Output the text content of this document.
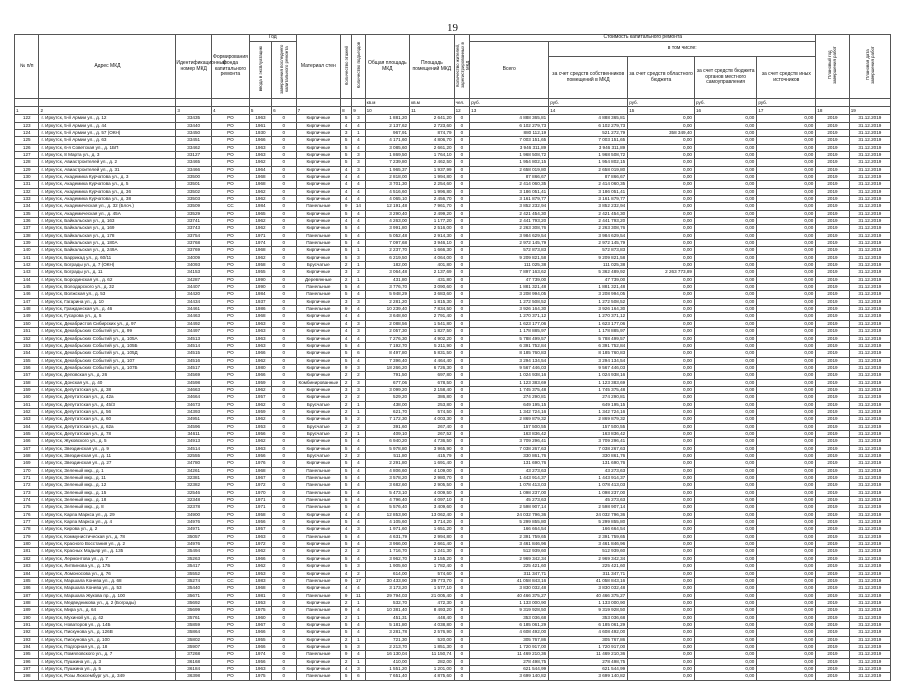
19
№ п/п	Адрес МКД	Идентификационный номер МКД	Формирования фонда капитального ремонта	Год		Материал стен	Количество этажей	Количество подъездов	Общая площадь МКД	Площадь помещений МКД	Количество жителей, зарегистрированных в МКД	Стоимость капитального ремонта					Плановый год завершения работ	Плановая дата завершения работ
				ввода в эксплуатацию	завершения последнего капитального ремонта							Всего	в том числе:					
													за счет средств собственников помещений в МКД	за счет средств областного бюджета	за счет средств бюджета органов местного самоуправления	за счет средств иных источников		
									кв.м	кв.м	чел.	руб.	руб.	руб.	руб.	руб.		
1	2	3	4	5	6	7	8	9	10	11	12	13	14	15	16	17	18	19
122	г. Иркутск, 5-й Армии ул., д. 12	33435	РО	1963	0	Кирпичные	5	3	1 881,20	2 641,20	0	4 888 365,81	4 888 365,81	0,00	0,00	0,00	2019	31.12.2019
123	г. Иркутск, 5-й Армии ул., д. 44	33440	РО	1961	0	Кирпичные	4	4	2 137,62	2 723,60	0	6 102 279,73	6 102 279,73	0,00	0,00	0,00	2019	31.12.2019
124	г. Иркутск, 5-й Армии ул., д. 57 (ОКН)	33450	РО	1930	0	Кирпичные	3	1	967,91	874,79	0	880 112,19	521 272,79	358 349,40	0,00	0,00	2019	31.12.2019
125	г. Иркутск, 5-й Армии ул., д. 63	33451	РО	1966	0	Кирпичные	5	4	4 171,60	4 806,70	0	7 003 151,65	7 003 151,65	0,00	0,00	0,00	2019	31.12.2019
126	г. Иркутск, 6-я Советская ул., д. 1БП	33462	РО	1963	0	Кирпичные	5	4	3 085,60	2 661,20	0	3 946 311,89	3 946 311,89	0,00	0,00	0,00	2019	31.12.2019
127	г. Иркутск, 8 Марта ул., д. 3	33127	РО	1963	0	Кирпичные	5	3	1 869,50	1 764,10	0	1 968 508,72	1 968 508,72	0,00	0,00	0,00	2019	31.12.2019
128	г. Иркутск, Авиастроителей ул., д. 2	33465	РО	1962	0	Кирпичные	5	3	7 239,80	2 462,50	0	1 954 802,15	1 954 802,15	0,00	0,00	0,00	2019	31.12.2019
129	г. Иркутск, Авиастроителей ул., д. 31	33466	РО	1964	0	Кирпичные	4	3	1 965,37	1 937,99	0	2 658 019,80	2 658 019,80	0,00	0,00	0,00	2019	31.12.2019
130	г. Иркутск, Академика Курчатова ул., д. 3	33500	РО	1968	0	Кирпичные	4	4	2 818,00	1 994,80	0	87 866,67	87 866,67	0,00	0,00	0,00	2019	31.12.2019
131	г. Иркутск, Академика Курчатова ул., д. 5	33501	РО	1968	0	Кирпичные	4	4	3 701,30	2 254,60	0	2 414 060,35	2 414 060,35	0,00	0,00	0,00	2019	31.12.2019
132	г. Иркутск, Академика Курчатова ул., д. 36	33502	РО	1962	0	Кирпичные	4	4	4 516,60	1 996,80	0	3 186 051,41	3 186 051,41	0,00	0,00	0,00	2019	31.12.2019
133	г. Иркутск, Академика Курчатова ул., д. 38	33503	РО	1962	0	Кирпичные	4	4	4 065,10	2 456,70	0	3 161 879,77	3 161 879,77	0,00	0,00	0,00	2019	31.12.2019
134	г. Иркутск, Академическая ул., д. 32 (Блоч.)	33509	СС	1984	0	Панельные	9	14	12 191,48	7 961,70	0	3 852 232,94	3 852 232,94	0,00	0,00	0,00	2019	31.12.2019
135	г. Иркутск, Академическая ул., д. 45А	33529	РО	1965	0	Кирпичные	5	4	3 290,40	2 499,20	0	2 421 454,30	2 421 454,30	0,00	0,00	0,00	2019	31.12.2019
136	г. Иркутск, Байкальская ул., д. 163	33741	РО	1962	0	Кирпичные	4	4	4 263,00	1 177,20	0	2 441 793,20	2 441 793,20	0,00	0,00	0,00	2019	31.12.2019
137	г. Иркутск, Байкальская ул., д. 169	33743	РО	1962	0	Кирпичные	5	4	3 991,80	2 516,00	0	2 263 308,76	2 263 308,76	0,00	0,00	0,00	2019	31.12.2019
138	г. Иркутск, Байкальская ул., д. 178	33754	РО	1971	0	Панельные	5	4	5 052,48	2 914,30	0	3 984 629,54	3 984 629,54	0,00	0,00	0,00	2019	31.12.2019
139	г. Иркутск, Байкальская ул., д. 180А	33768	РО	1974	0	Панельные	5	4	7 097,68	3 946,10	0	2 972 145,79	2 972 145,79	0,00	0,00	0,00	2019	31.12.2019
140	г. Иркутск, Байкальская ул., д. 249А	33769	РО	1968	0	Кирпичные	5	1	2 237,70	1 666,30	0	572 873,83	572 873,83	0,00	0,00	0,00	2019	31.12.2019
141	г. Иркутск, Баррикад ул., д. 60/11	34009	РО	1962	0	Кирпичные	5	3	6 219,50	4 064,00	0	9 209 821,58	9 209 821,58	0,00	0,00	0,00	2019	31.12.2019
142	г. Иркутск, Бограды ул., д. 7 (ОКН)	34093	РО	1958	0	Брусчатые	2	1	182,00	401,80	0	111 025,38	111 025,38	0,00	0,00	0,00	2019	31.12.2019
143	г. Иркутск, Бограды ул., д. 11	34153	РО	1955	0	Кирпичные	3	2	3 064,48	2 137,69	0	7 897 163,62	5 362 489,92	2 263 773,89	0,00	0,00	2019	31.12.2019
144	г. Иркутск, Бородинская ул., д. 62	34287	РО	1990	0	Деревянные	2	1	431,80	431,80	0	47 739,00	47 739,00	0,00	0,00	0,00	2019	31.12.2019
145	г. Иркутск, Володарского ул., д. 32	34407	РО	1990	0	Панельные	5	4	3 776,70	3 090,60	0	1 881 321,48	1 881 321,48	0,00	0,00	0,00	2019	31.12.2019
146	г. Иркутск, Волжская ул., д. 53	34420	РО	1984	0	Панельные	5	4	5 948,29	3 683,60	0	3 208 994,05	3 208 994,05	0,00	0,00	0,00	2019	31.12.2019
147	г. Иркутск, Гагарина ул., д. 10	34434	РО	1937	0	Кирпичные	3	3	2 281,20	1 815,30	0	1 272 508,52	1 272 508,52	0,00	0,00	0,00	2019	31.12.2019
148	г. Иркутск, Гражданская ул., д. 46	34461	РО	1986	0	Панельные	9	4	10 239,40	7 834,50	0	3 926 164,30	3 926 164,30	0,00	0,00	0,00	2019	31.12.2019
149	г. Иркутск, Гусарова ул., д. 5	34463	РО	1968	0	Кирпичные	4	4	3 648,60	2 791,40	0	1 270 371,12	1 270 371,12	0,00	0,00	0,00	2019	31.12.2019
150	г. Иркутск, Декабристов Сибирских ул., д. 97	34492	РО	1963	0	Кирпичные	4	3	2 088,56	1 541,80	0	1 623 177,06	1 623 177,06	0,00	0,00	0,00	2019	31.12.2019
151	г. Иркутск, Декабрьских Событий ул., д. 99	34497	РО	1963	0	Кирпичные	4	3	2 057,30	1 827,50	0	1 178 885,97	1 178 885,97	0,00	0,00	0,00	2019	31.12.2019
152	г. Иркутск, Декабрьских Событий ул., д. 105А	34513	РО	1963	0	Кирпичные	4	4	7 276,30	4 902,20	0	5 788 499,57	5 788 499,57	0,00	0,00	0,00	2019	31.12.2019
153	г. Иркутск, Декабрьских Событий ул., д. 105Б	34514	РО	1963	0	Кирпичные	5	4	7 192,70	5 211,90	0	6 391 752,84	6 391 752,84	0,00	0,00	0,00	2019	31.12.2019
154	г. Иркутск, Декабрьских Событий ул., д. 105Д	34515	РО	1966	0	Кирпичные	5	6	8 497,80	5 831,50	0	8 185 760,83	8 185 760,83	0,00	0,00	0,00	2019	31.12.2019
155	г. Иркутск, Декабрьских Событий ул., д. 107	34516	РО	1962	0	Кирпичные	5	4	7 396,40	4 464,40	0	3 294 134,54	3 294 134,54	0,00	0,00	0,00	2019	31.12.2019
156	г. Иркутск, Декабрьских Событий ул., д. 107Б	34517	РО	1980	0	Кирпичные	9	3	18 266,20	6 726,30	0	9 567 446,03	9 567 446,03	0,00	0,00	0,00	2019	31.12.2019
157	г. Иркутск, Деповская ул., д. 26	34569	РО	1966	0	Кирпичные	2	2	791,50	697,80	0	1 024 938,16	1 024 938,16	0,00	0,00	0,00	2019	31.12.2019
158	г. Иркутск, Донская ул., д. 40	34598	РО	1959	0	Комбинированные	2	3	677,06	678,50	0	1 123 383,69	1 123 383,69	0,00	0,00	0,00	2019	31.12.2019
159	г. Иркутск, Депутатская ул., д. 38	34663	РО	1962	0	Кирпичные	3	3	3 099,20	2 158,40	0	1 745 375,48	1 745 375,48	0,00	0,00	0,00	2019	31.12.2019
160	г. Иркутск, Депутатская ул., д. 42а	34664	РО	1957	0	Кирпичные	2	2	529,20	386,80	0	274 290,81	274 290,81	0,00	0,00	0,00	2019	31.12.2019
161	г. Иркутск, Депутатская ул., д. 45/3	34673	РО	1962	0	Брусчатые	2	1	438,00	253,80	0	649 195,15	649 195,15	0,00	0,00	0,00	2019	31.12.2019
162	г. Иркутск, Депутатская ул., д. 56	34393	РО	1959	0	Кирпичные	2	1	621,70	574,50	0	1 342 724,16	1 342 724,16	0,00	0,00	0,00	2019	31.12.2019
163	г. Иркутск, Депутатская ул., д. 60	34951	РО	1962	0	Кирпичные	5	2	7 172,30	4 003,30	0	2 869 879,32	2 869 879,32	0,00	0,00	0,00	2019	31.12.2019
164	г. Иркутск, Депутатская ул., д. 62а	34596	РО	1953	0	Брусчатые	2	2	391,60	267,40	0	157 500,55	157 500,55	0,00	0,00	0,00	2019	31.12.2019
165	г. Иркутск, Депутатская ул., д. 78	34611	РО	1956	0	Брусчатые	2	1	409,10	267,52	0	163 836,42	163 836,42	0,00	0,00	0,00	2019	31.12.2019
166	г. Иркутск, Жуковского ул., д. 5	34913	РО	1962	0	Кирпичные	5	4	6 940,20	4 736,50	0	3 709 296,41	3 709 296,41	0,00	0,00	0,00	2019	31.12.2019
167	г. Иркутск, Звездинская ул., д. 9	34514	РО	1963	0	Кирпичные	5	4	5 978,80	3 965,90	0	7 038 267,63	7 038 267,63	0,00	0,00	0,00	2019	31.12.2019
168	г. Иркутск, Звездинская ул., д. 11	32555	РО	1956	0	Брусчатые	2	2	511,80	415,79	0	330 861,76	330 861,76	0,00	0,00	0,00	2019	31.12.2019
169	г. Иркутск, Звездинская ул., д. 27	34780	РО	1976	0	Кирпичные	5	4	2 291,80	1 691,40	0	131 690,76	131 690,76	0,00	0,00	0,00	2019	31.12.2019
170	г. Иркутск, Зеленый мкр., д. 1	34261	РО	1968	0	Панельные	5	4	4 806,60	4 109,00	0	43 273,63	43 273,63	0,00	0,00	0,00	2019	31.12.2019
171	г. Иркутск, Зеленый мкр., д. 11	32381	РО	1967	0	Панельные	5	4	3 578,20	2 980,70	0	1 443 914,37	1 443 914,37	0,00	0,00	0,00	2019	31.12.2019
172	г. Иркутск, Зеленый мкр., д. 12	32382	РО	1972	0	Панельные	5	4	3 682,60	2 905,50	0	1 078 413,03	1 078 413,03	0,00	0,00	0,00	2019	31.12.2019
173	г. Иркутск, Зеленый мкр., д. 15	32546	РО	1970	0	Панельные	5	4	5 473,10	4 009,50	0	1 098 237,00	1 098 237,00	0,00	0,00	0,00	2019	31.12.2019
174	г. Иркутск, Зеленый мкр., д. 18	32348	РО	1971	0	Панельные	5	4	4 796,40	4 097,10	0	45 273,63	45 273,63	0,00	0,00	0,00	2019	31.12.2019
175	г. Иркутск, Зеленый мкр., д. 8	32378	РО	1971	0	Панельные	5	4	5 576,40	3 409,60	0	2 598 907,14	2 598 907,14	0,00	0,00	0,00	2019	31.12.2019
176	г. Иркутск, Карла Маркса ул., д. 29	34900	РО	1958	0	Кирпичные	4	4	12 853,90	13 062,40	0	24 032 796,36	24 032 796,36	0,00	0,00	0,00	2019	31.12.2019
177	г. Иркутск, Карла Маркса ул., д. 4	34976	РО	1956	0	Кирпичные	5	4	4 105,60	3 714,20	0	5 299 855,80	5 299 855,80	0,00	0,00	0,00	2019	31.12.2019
178	г. Иркутск, Кирова ул., д. 2	34971	РО	1957	0	Кирпичные	4	3	1 971,60	1 651,20	0	166 664,54	166 664,54	0,00	0,00	0,00	2019	31.12.2019
179	г. Иркутск, Коммунистическая ул., д. 78	35057	РО	1963	0	Панельные	5	4	4 631,79	2 994,80	0	2 391 759,65	2 391 759,65	0,00	0,00	0,00	2019	31.12.2019
180	г. Иркутск, Красного Восстания ул., д. 2	34976	РО	1972	0	Кирпичные	5	4	3 966,00	2 661,40	0	3 461 846,96	3 461 846,96	0,00	0,00	0,00	2019	31.12.2019
181	г. Иркутск, Красных Мадьяр ул., д. 135	35494	РО	1962	0	Кирпичные	2	2	1 716,70	1 241,30	0	512 939,60	512 939,60	0,00	0,00	0,00	2019	31.12.2019
182	г. Иркутск, Лермонтова ул., д. 7	35263	РО	1966	0	Кирпичные	5	4	3 962,70	3 155,20	0	2 969 342,34	2 969 342,34	0,00	0,00	0,00	2019	31.12.2019
183	г. Иркутск, Литвинова ул., д. 17Б	35417	РО	1962	0	Кирпичные	5	3	1 905,60	1 782,40	0	225 421,60	225 421,60	0,00	0,00	0,00	2019	31.12.2019
184	г. Иркутск, Ломоносова ул., д. 76	35552	РО	1953	0	Кирпичные	4	2	614,00	574,60	0	311 347,71	311 347,71	0,00	0,00	0,00	2019	31.12.2019
185	г. Иркутск, Маршала Конева ул., д. 68	35274	СС	1983	0	Панельные	9	17	30 433,90	29 773,70	0	41 058 843,16	41 058 843,16	0,00	0,00	0,00	2019	31.12.2019
186	г. Иркутск, Маршала Конева ул., д. 53	35440	РО	1968	0	Кирпичные	4	4	3 173,20	1 577,10	0	3 830 032,48	3 830 032,48	0,00	0,00	0,00	2019	31.12.2019
187	г. Иркутск, Маршала Жукова пр., д. 100	35671	РО	1981	0	Панельные	9	11	29 794,03	21 005,40	0	40 466 375,27	40 466 375,27	0,00	0,00	0,00	2019	31.12.2019
188	г. Иркутск, Медведникова ул., д. 2 (Бограды)	35692	РО	1953	0	Кирпичные	2	1	532,70	472,30	0	1 133 000,90	1 133 000,90	0,00	0,00	0,00	2019	31.12.2019
189	г. Иркутск, Мира ул., д. 64	35699	РО	1975	0	Панельные	9	4	10 381,40	8 493,20	0	9 319 928,50	9 319 928,50	0,00	0,00	0,00	2019	31.12.2019
190	г. Иркутск, Мухиной ул., д. 42	35761	РО	1960	0	Кирпичные	2	1	451,31	448,40	0	353 036,68	353 036,68	0,00	0,00	0,00	2019	31.12.2019
191	г. Иркутск, Новаторов ул., д. 14Б	35859	РО	1967	0	Кирпичные	5	4	5 181,80	4 038,80	0	6 185 061,29	6 185 061,29	0,00	0,00	0,00	2019	31.12.2019
192	г. Иркутск, Пискунова ул., д. 126В	35864	РО	1966	0	Кирпичные	5	4	3 281,78	2 576,90	0	4 608 492,00	4 608 492,00	0,00	0,00	0,00	2019	31.12.2019
193	г. Иркутск, Пискунова ул., д. 100	35802	РО	1955	0	Кирпичные	2	1	721,30	520,00	0	305 767,86	305 767,86	0,00	0,00	0,00	2019	31.12.2019
194	г. Иркутск, Подгорная ул., д. 18	35907	РО	1966	0	Кирпичные	5	3	2 213,70	1 851,30	0	1 720 917,00	1 720 917,00	0,00	0,00	0,00	2019	31.12.2019
195	г. Иркутск, Помяловского ул., д. 7	37268	РО	1974	0	Панельные	9	4	16 130,04	11 150,74	0	11 469 210,36	11 469 210,36	0,00	0,00	0,00	2019	31.12.2019
196	г. Иркутск, Пушкина ул., д. 3	36168	РО	1956	0	Кирпичные	2	1	410,00	282,00	0	278 498,75	278 498,75	0,00	0,00	0,00	2019	31.12.2019
197	г. Иркутск, Пушкина ул., д. 5	36184	РО	1963	0	Кирпичные	4	3	1 551,20	1 201,00	0	621 544,99	621 544,99	0,00	0,00	0,00	2019	31.12.2019
198	г. Иркутск, Розы Люксембург ул., д. 349	36398	РО	1975	0	Панельные	5	6	7 651,40	4 875,60	0	3 699 140,82	3 699 140,82	0,00	0,00	0,00	2019	31.12.2019
